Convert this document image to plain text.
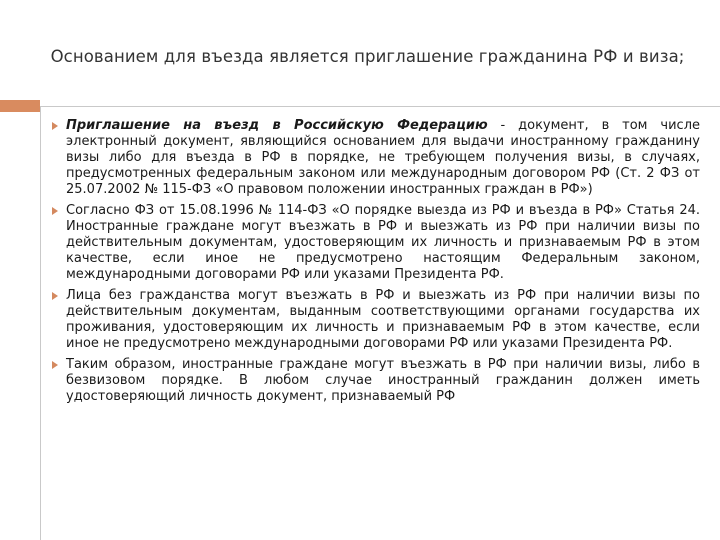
Основанием для въезда является приглашение гражданина РФ и виза;
Приглашение на въезд в Российскую Федерацию - документ, в том числе электронный документ, являющийся основанием для выдачи иностранному гражданину визы либо для въезда в РФ в порядке, не требующем получения визы, в случаях, предусмотренных федеральным законом или международным договором РФ (Ст. 2 ФЗ от 25.07.2002 № 115-ФЗ «О правовом положении иностранных граждан в РФ»)
Согласно ФЗ от 15.08.1996 № 114-ФЗ «О порядке выезда из РФ и въезда в РФ» Статья 24. Иностранные граждане могут въезжать в РФ и выезжать из РФ при наличии визы по действительным документам, удостоверяющим их личность и признаваемым РФ в этом качестве, если иное не предусмотрено настоящим Федеральным законом, международными договорами РФ или указами Президента РФ.
Лица без гражданства могут въезжать в РФ и выезжать из РФ при наличии визы по действительным документам, выданным соответствующими органами государства их проживания, удостоверяющим их личность и признаваемым РФ в этом качестве, если иное не предусмотрено международными договорами РФ или указами Президента РФ.
Таким образом, иностранные граждане могут въезжать в РФ при наличии визы, либо в безвизовом порядке. В любом случае иностранный гражданин должен иметь удостоверяющий личность документ, признаваемый РФ
